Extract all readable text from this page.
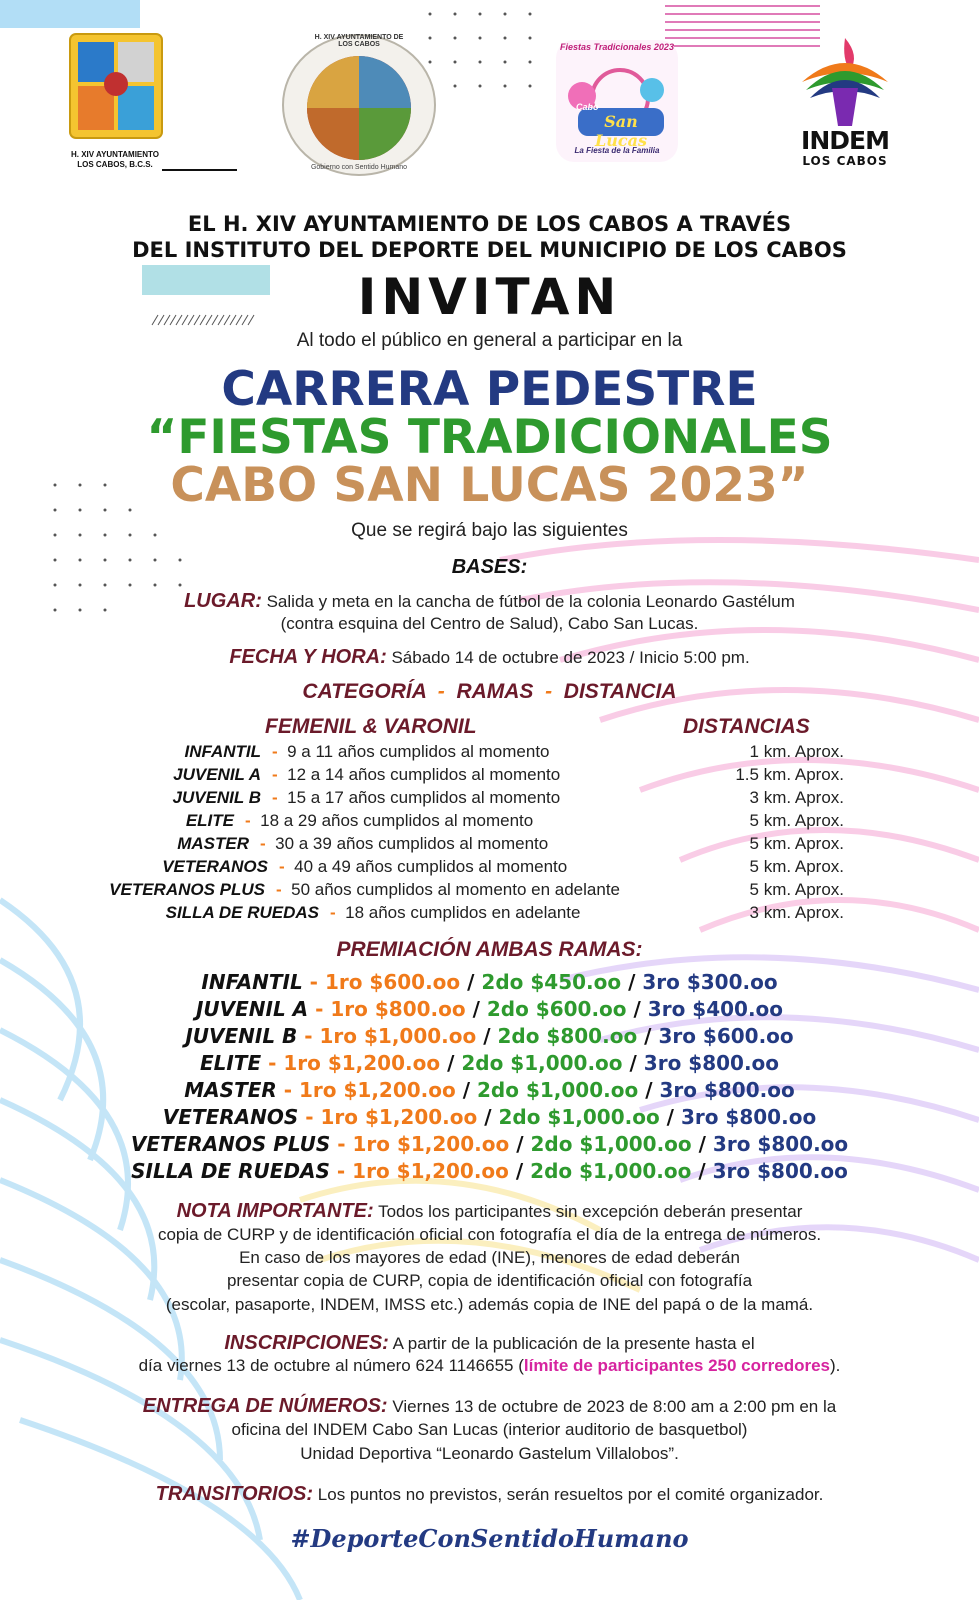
H. XIV AYUNTAMIENTO
LOS CABOS, B.C.S.
H. XIV AYUNTAMIENTO DE LOS CABOS
Gobierno con Sentido Humano
Fiestas Tradicionales 2023
Cabo
San Lucas
La Fiesta de la Familia	INDEM
LOS CABOS
EL H. XIV AYUNTAMIENTO DE LOS CABOS A TRAVÉS
DEL INSTITUTO DEL DEPORTE DEL MUNICIPIO DE LOS CABOS
INVITAN
Al todo el público en general a participar en la
CARRERA PEDESTRE
“FIESTAS TRADICIONALES
CABO SAN LUCAS 2023”
Que se regirá bajo las siguientes
BASES:
LUGAR: Salida y meta en la cancha de fútbol de la colonia Leonardo Gastélum
(contra esquina del Centro de Salud), Cabo San Lucas.
FECHA Y HORA: Sábado 14 de octubre de 2023 / Inicio 5:00 pm.
CATEGORÍA - RAMAS - DISTANCIA
FEMENIL & VARONIL	DISTANCIAS
INFANTIL - 9 a 11 años cumplidos al momento	1 km. Aprox.
JUVENIL A - 12 a 14 años cumplidos al momento	1.5 km. Aprox.
JUVENIL B - 15 a 17 años cumplidos al momento	3 km. Aprox.
ELITE - 18 a 29 años cumplidos al momento	5 km. Aprox.
MASTER - 30 a 39 años cumplidos al momento	5 km. Aprox.
VETERANOS - 40 a 49 años cumplidos al momento	5 km. Aprox.
VETERANOS PLUS - 50 años cumplidos al momento en adelante	5 km. Aprox.
SILLA DE RUEDAS - 18 años cumplidos en adelante	3 km. Aprox.
PREMIACIÓN AMBAS RAMAS:
INFANTIL - 1ro $600.oo / 2do $450.oo / 3ro $300.oo
JUVENIL A - 1ro $800.oo / 2do $600.oo / 3ro $400.oo
JUVENIL B - 1ro $1,000.oo / 2do $800.oo / 3ro $600.oo
ELITE - 1ro $1,200.oo / 2do $1,000.oo / 3ro $800.oo
MASTER - 1ro $1,200.oo / 2do $1,000.oo / 3ro $800.oo
VETERANOS - 1ro $1,200.oo / 2do $1,000.oo / 3ro $800.oo
VETERANOS PLUS - 1ro $1,200.oo / 2do $1,000.oo / 3ro $800.oo
SILLA DE RUEDAS - 1ro $1,200.oo / 2do $1,000.oo / 3ro $800.oo
NOTA IMPORTANTE: Todos los participantes sin excepción deberán presentar
copia de CURP y de identificación oficial con fotografía el día de la entrega de números.
En caso de los mayores de edad (INE), menores de edad deberán
presentar copia de CURP, copia de identificación oficial con fotografía
(escolar, pasaporte, INDEM, IMSS etc.) además copia de INE del papá o de la mamá.
INSCRIPCIONES: A partir de la publicación de la presente hasta el
día viernes 13 de octubre al número 624 1146655 (límite de participantes 250 corredores).
ENTREGA DE NÚMEROS: Viernes 13 de octubre de 2023 de 8:00 am a 2:00 pm en la
oficina del INDEM Cabo San Lucas (interior auditorio de basquetbol)
Unidad Deportiva “Leonardo Gastelum Villalobos”.
TRANSITORIOS: Los puntos no previstos, serán resueltos por el comité organizador.
#DeporteConSentidoHumano
